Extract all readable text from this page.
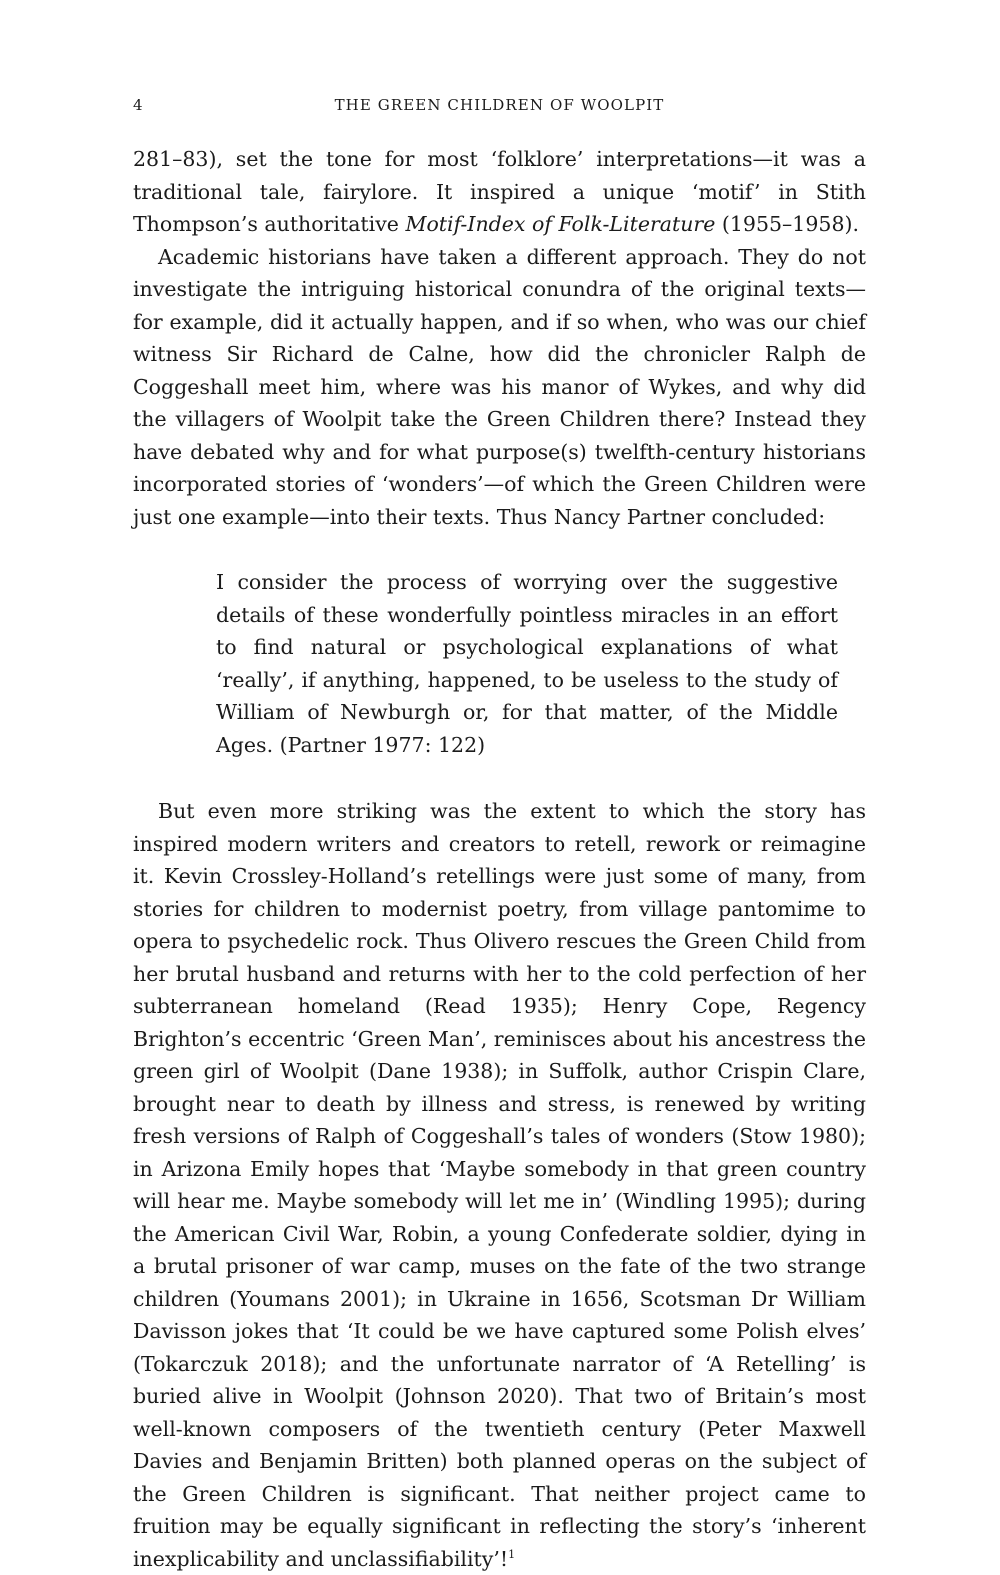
4	THE GREEN CHILDREN OF WOOLPIT

281–83), set the tone for most ‘folklore’ interpretations—it was a traditional tale, fairylore. It inspired a unique ‘motif’ in Stith Thompson’s authoritative Motif-Index of Folk-Literature (1955–1958).

Academic historians have taken a different approach. They do not investigate the intriguing historical conundra of the original texts—for example, did it actually happen, and if so when, who was our chief witness Sir Richard de Calne, how did the chronicler Ralph de Coggeshall meet him, where was his manor of Wykes, and why did the villagers of Woolpit take the Green Children there? Instead they have debated why and for what purpose(s) twelfth-century historians incorporated stories of ‘wonders’—of which the Green Children were just one example—into their texts. Thus Nancy Partner concluded:

I consider the process of worrying over the suggestive details of these wonderfully pointless miracles in an effort to find natural or psychological explanations of what ‘really’, if anything, happened, to be useless to the study of William of Newburgh or, for that matter, of the Middle Ages. (Partner 1977: 122)

But even more striking was the extent to which the story has inspired modern writers and creators to retell, rework or reimagine it. Kevin Crossley-Holland’s retellings were just some of many, from stories for children to modernist poetry, from village pantomime to opera to psychedelic rock. Thus Olivero rescues the Green Child from her brutal husband and returns with her to the cold perfection of her subterranean homeland (Read 1935); Henry Cope, Regency Brighton’s eccentric ‘Green Man’, reminisces about his ancestress the green girl of Woolpit (Dane 1938); in Suffolk, author Crispin Clare, brought near to death by illness and stress, is renewed by writing fresh versions of Ralph of Coggeshall’s tales of wonders (Stow 1980); in Arizona Emily hopes that ‘Maybe somebody in that green country will hear me. Maybe somebody will let me in’ (Windling 1995); during the American Civil War, Robin, a young Confederate soldier, dying in a brutal prisoner of war camp, muses on the fate of the two strange children (Youmans 2001); in Ukraine in 1656, Scotsman Dr William Davisson jokes that ‘It could be we have captured some Polish elves’ (Tokarczuk 2018); and the unfortunate narrator of ‘A Retelling’ is buried alive in Woolpit (Johnson 2020). That two of Britain’s most well-known composers of the twentieth century (Peter Maxwell Davies and Benjamin Britten) both planned operas on the subject of the Green Children is significant. That neither project came to fruition may be equally significant in reflecting the story’s ‘inherent inexplicability and unclassifiability’!$^1$
